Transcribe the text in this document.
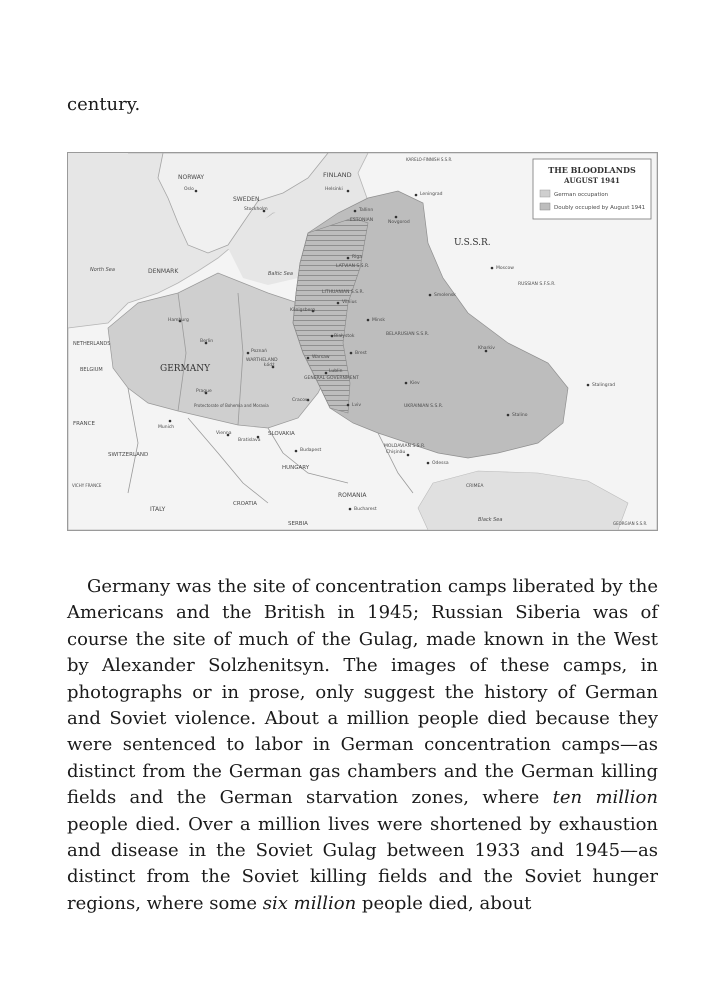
century.
THE BLOODLANDS
AUGUST 1941
German occupation
Doubly occupied by August 1941
NORWAY
SWEDEN
FINLAND
DENMARK
NETHERLANDS
BELGIUM	GERMANY
FRANCE
SWITZERLAND
ITALY
CROATIA
SERBIA
HUNGARY
SLOVAKIA
ROMANIA
U.S.S.R.
ESTONIAN
LATVIAN S.S.R.
LITHUANIAN S.S.R.
BELARUSIAN S.S.R.
UKRAINIAN S.S.R.
RUSSIAN S.F.S.R.
MOLDAVIAN S.S.R.
GENERAL GOVERNMENT
WARTHELAND
Protectorate of Bohemia and Moravia
CRIMEA
KARELO-FINNISH S.S.R.
GEORGIAN S.S.R.
VICHY FRANCE
North Sea
Baltic Sea
Black Sea
Oslo
Stockholm
Helsinki
Leningrad
Tallinn
Novgorod
Riga
Moscow
Vilnius
Minsk
Smolensk
Königsberg
Białystok
Hamburg
Berlin
Poznań
Łódź
Warsaw
Lublin
Brest
Kiev
Kharkiv
Stalingrad
Cracow
Lviv
Prague
Vienna
Bratislava
Budapest	Chişinău
Odessa
Stalino
Bucharest
Munich

Germany was the site of concentration camps liberated by the Americans and the British in 1945; Russian Siberia was of course the site of much of the Gulag, made known in the West by Alexander Solzhenitsyn. The images of these camps, in photographs or in prose, only suggest the history of German and Soviet violence. About a million people died because they were sentenced to labor in German concentration camps—as distinct from the German gas chambers and the German killing fields and the German starvation zones, where ten million people died. Over a million lives were shortened by exhaustion and disease in the Soviet Gulag between 1933 and 1945—as distinct from the Soviet killing fields and the Soviet hunger regions, where some six million people died, about
